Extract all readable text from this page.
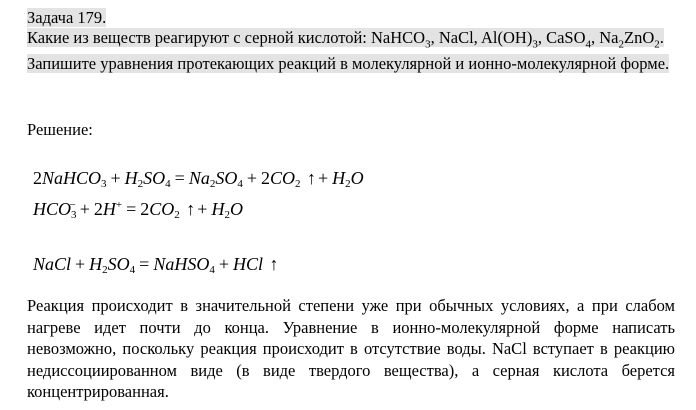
Задача 179.
Какие из веществ реагируют с серной кислотой: NaHCO$_3$, NaCl, $Al(OH)_3$, CaSO$_4$, $Na_2ZnO_2$. Запишите уравнения протекающих реакций в молекулярной и ионно-молекулярной форме.
Решение:
2NaHCO$_3$ + $H_2SO_4 = Na_2SO_4 + 2CO_2$ ↑ + $H_2O$
$HCO_3^- + 2H^+ = 2CO_2$ ↑ + $H_2O$
NaCl + $H_2SO_4$ = NaHSO$_4$ + HCl ↑
Реакция происходит в значительной степени уже при обычных условиях, а при слабом нагреве идет почти до конца. Уравнение в ионно-молекулярной форме написать невозможно, поскольку реакция происходит в отсутствие воды. NaCl вступает в реакцию недиссоциированном виде (в виде твердого вещества), а серная кислота берется концентрированная.
